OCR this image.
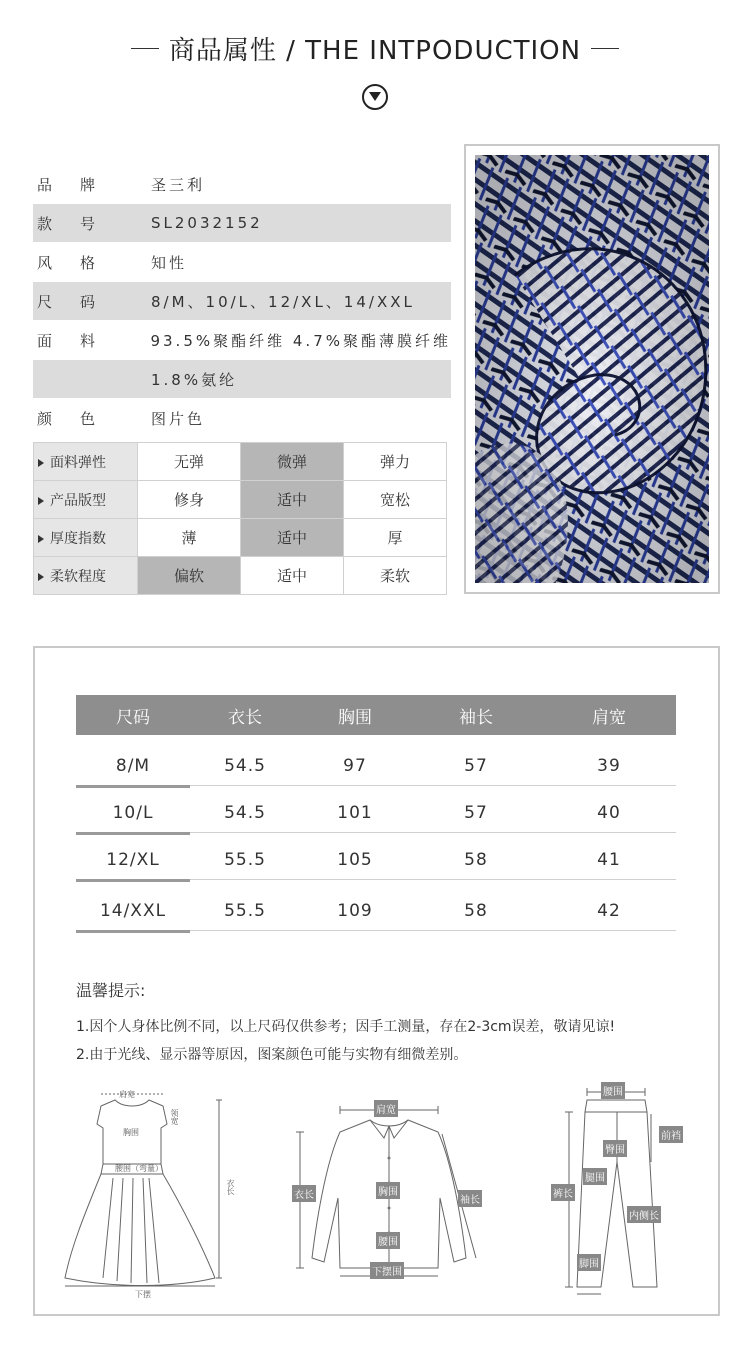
商品属性 / THE INTPODUCTION
品牌	圣三利
款号	SL2032152
风格	知性
尺码	8/M、10/L、12/XL、14/XXL
面料	93.5%聚酯纤维 4.7%聚酯薄膜纤维
1.8%氨纶
颜色	图片色
面料弹性	无弹	微弹	弹力
产品版型	修身	适中	宽松
厚度指数	薄	适中	厚
柔软程度	偏软	适中	柔软
尺码	衣长	胸围	袖长	肩宽
8/M	54.5	97	57	39
10/L	54.5	101	57	40
12/XL	55.5	105	58	41
14/XXL	55.5	109	58	42
温馨提示:
1.因个人身体比例不同，以上尺码仅供参考；因手工测量，存在2-3cm误差，敬请见谅!
2.由于光线、显示器等原因，图案颜色可能与实物有细微差别。
肩宽
胸围
腰围（弯量）
衣长
下摆
领宽	肩宽
衣长	胸围
袖长
腰围
下摆围
腰围
前裆
臀围
腿围
裤长
内侧长
脚围
